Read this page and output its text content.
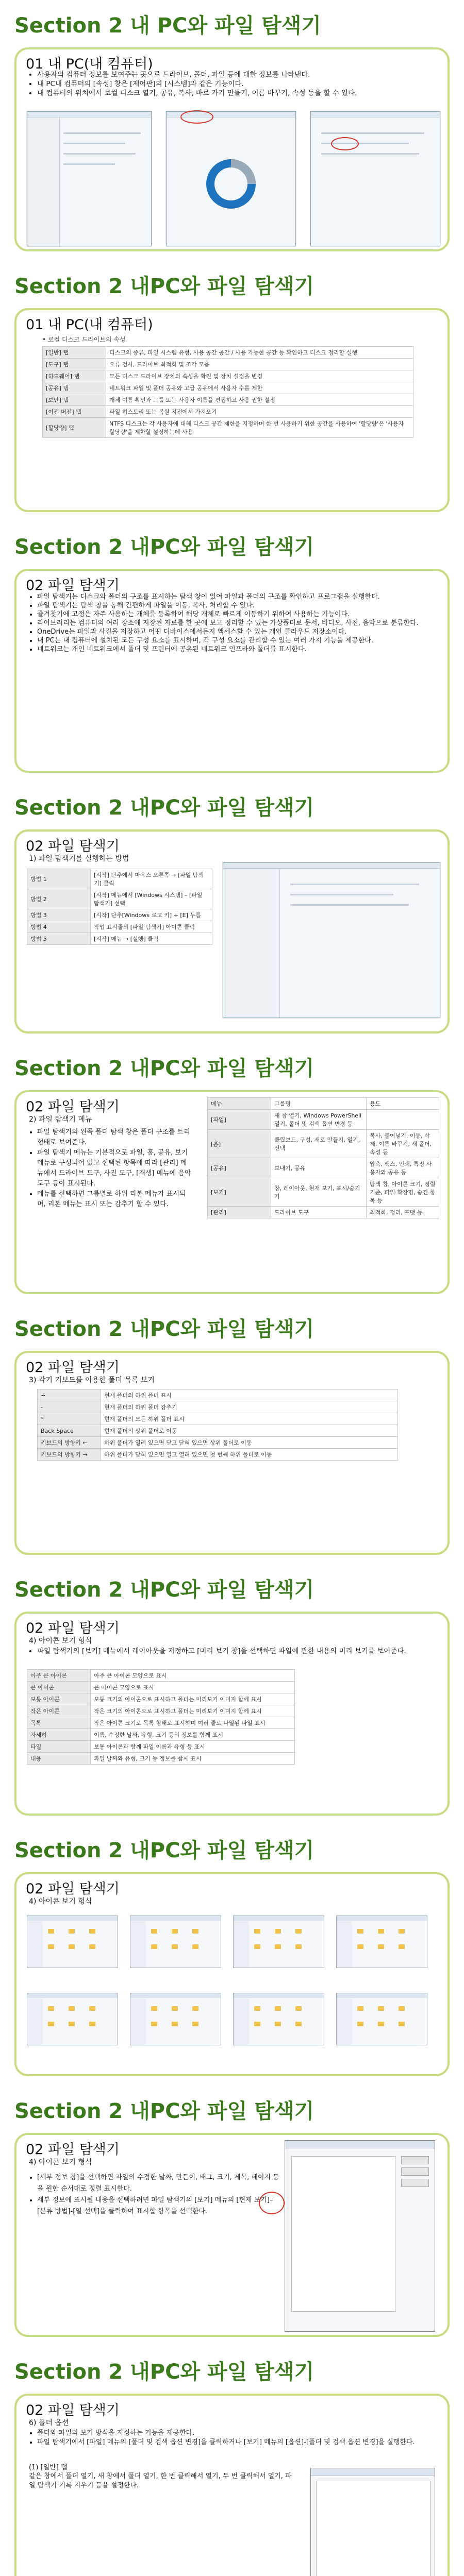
Section 2 내 PC와 파일 탐색기
01 내 PC(내 컴퓨터)
• 사용자의 컴퓨터 정보를 보여주는 곳으로 드라이브, 폴더, 파일 등에 대한 정보를 나타낸다.
• 내 PC내 컴퓨터의 [속성] 창은 [제어판]의 [시스템]과 같은 기능이다.
• 내 컴퓨터의 위치에서 로컬 디스크 열기, 공유, 복사, 바로 가기 만들기, 이름 바꾸기, 속성 등을 할 수 있다.
Section 2 내PC와 파일 탐색기
01 내 PC(내 컴퓨터)
• 로컬 디스크 드라이브의 속성
[일반] 탭	디스크의 종류, 파일 시스템 유형, 사용 공간 공간 / 사용 가능한 공간 등 확인하고 디스크 정리할 실행
[도구] 탭	오류 검사, 드라이브 최적화 및 조각 모음
[하드웨어] 탭	모든 디스크 드라이브 장치의 속성을 확인 및 장치 설정을 변경
[공유] 탭	네트워크 파일 및 폴더 공유와 고급 공유에서 사용자 수를 제한
[보안] 탭	개체 이름 확인과 그룹 또는 사용자 이름을 편집하고 사용 권한 설정
[이전 버전] 탭	파일 히스토리 또는 복원 지점에서 가져오기
[할당량] 탭	NTFS 디스크는 각 사용자에 대해 디스크 공간 제한을 지정하며 한 번 사용하기 위한 공간을 사용하여 '할당량'은 '사용자 할당량'을 제한할 설정하는데 사용
Section 2 내PC와 파일 탐색기
02 파일 탐색기
• 파일 탐색기는 디스크와 폴더의 구조를 표시하는 탐색 창이 있어 파일과 폴더의 구조를 확인하고 프로그램을 실행한다.
• 파일 탐색기는 탐색 창을 통해 간편하게 파일을 이동, 복사, 처리할 수 있다.
• 즐겨찾기에 고정은 자주 사용하는 개체를 등록하여 해당 개체로 빠르게 이동하기 위하여 사용하는 기능이다.
• 라이브러리는 컴퓨터의 여러 장소에 저장된 자료를 한 곳에 보고 정리할 수 있는 가상폴더로 문서, 비디오, 사진, 음악으로 분류한다.
• OneDrive는 파일과 사진을 저장하고 어떤 디바이스에서든지 액세스할 수 있는 개인 클라우드 저장소이다.
• 내 PC는 내 컴퓨터에 설치된 모든 구성 요소를 표시하며, 각 구성 요소를 관리할 수 있는 여러 가지 기능을 제공한다.
• 네트워크는 개인 네트워크에서 폴더 및 프린터에 공유된 네트워크 인프라와 폴더를 표시한다.
Section 2 내PC와 파일 탐색기
02 파일 탐색기
1) 파일 탐색기를 실행하는 방법
방법 1	[시작] 단추에서 마우스 오른쪽 → [파일 탐색기] 클릭
방법 2	[시작] 메뉴에서 [Windows 시스템] – [파일 탐색기] 선택
방법 3	[시작] 단추[Windows 로고 키] + [E] 누름
방법 4	작업 표시줄의 [파일 탐색기] 아이콘 클릭
방법 5	[시작] 메뉴 → [실행] 클릭
Section 2 내PC와 파일 탐색기
02 파일 탐색기
2) 파일 탐색기 메뉴
• 파일 탐색기의 왼쪽 폴더 탐색 창은 폴더 구조를 트리 형태로 보여준다.
• 파일 탐색기 메뉴는 기본적으로 파일, 홈, 공유, 보기 메뉴로 구성되어 있고 선택된 항목에 따라 [관리] 메뉴에서 드라이브 도구, 사진 도구, [재생] 메뉴에 음악 도구 등이 표시된다.
• 메뉴를 선택하면 그룹별로 하위 리본 메뉴가 표시되며, 리본 메뉴는 표시 또는 감추기 할 수 있다.
메뉴	그룹명	용도
[파일]	새 창 열기, Windows PowerShell 열기, 폴더 및 검색 옵션 변경 등	
[홈]	클립보드, 구성, 새로 만들기, 열기, 선택	복사, 붙여넣기, 이동, 삭제, 이름 바꾸기, 새 폴더, 속성 등
[공유]	보내기, 공유	압축, 팩스, 인쇄, 특정 사용자와 공유 등
[보기]	창, 레이아웃, 현재 보기, 표시/숨기기	탐색 창, 아이콘 크기, 정렬 기준, 파일 확장명, 숨긴 항목 등
[관리]	드라이브 도구	최적화, 정리, 포맷 등
Section 2 내PC와 파일 탐색기
02 파일 탐색기
3) 각기 키보드를 이용한 폴더 목록 보기
+	현재 폴더의 하위 폴더 표시
-	현재 폴더의 하위 폴더 감추기
*	현재 폴더의 모든 하위 폴더 표시
Back Space	현재 폴더의 상위 폴더로 이동
키보드의 방향키 ←	하위 폴더가 열려 있으면 닫고 닫혀 있으면 상위 폴더로 이동
키보드의 방향키 →	하위 폴더가 닫혀 있으면 열고 열려 있으면 첫 번째 하위 폴더로 이동
Section 2 내PC와 파일 탐색기
02 파일 탐색기
4) 아이콘 보기 형식
• 파일 탐색기의 [보기] 메뉴에서 레이아웃을 지정하고 [미리 보기 창]을 선택하면 파일에 관한 내용의 미리 보기를 보여준다.
아주 큰 아이콘	아주 큰 아이콘 모양으로 표시
큰 아이콘	큰 아이콘 모양으로 표시
보통 아이콘	보통 크기의 아이콘으로 표시하고 폴더는 미리보기 이미지 함께 표시
작은 아이콘	작은 크기의 아이콘으로 표시하고 폴더는 미리보기 이미지 함께 표시
목록	작은 아이콘 크기로 목록 형태로 표시하며 여러 줄로 나열된 파일 표시
자세히	이름, 수정한 날짜, 유형, 크기 등의 정보를 함께 표시
타일	보통 아이콘과 함께 파일 이름과 유형 등 표시
내용	파일 날짜와 유형, 크기 등 정보를 함께 표시
Section 2 내PC와 파일 탐색기
02 파일 탐색기
4) 아이콘 보기 형식
Section 2 내PC와 파일 탐색기
02 파일 탐색기
4) 아이콘 보기 형식
• [세부 정보 창]을 선택하면 파일의 수정한 날짜, 만든이, 태그, 크기, 제목, 페이지 등을 원한 순서대로 정렬 표시한다.
• 세부 정보에 표시될 내용을 선택하려면 파일 탐색기의 [보기] 메뉴의 [현재 보기]–[분류 방법]-[열 선택]을 클릭하여 표시할 항목을 선택한다.
Section 2 내PC와 파일 탐색기
02 파일 탐색기
6) 폴더 옵션
• 폴더와 파일의 보기 방식을 지정하는 기능을 제공한다.
• 파일 탐색기에서 [파일] 메뉴의 [폴더 및 검색 옵션 변경]을 클릭하거나 [보기] 메뉴의 [옵션]-[폴더 및 검색 옵션 변경]을 실행한다.
(1) [일반] 탭
같은 창에서 폴더 열기, 새 창에서 폴더 열기, 한 번 클릭해서 열기, 두 번 클릭해서 열기, 파일 탐색기 기록 지우기 등을 설정한다.
